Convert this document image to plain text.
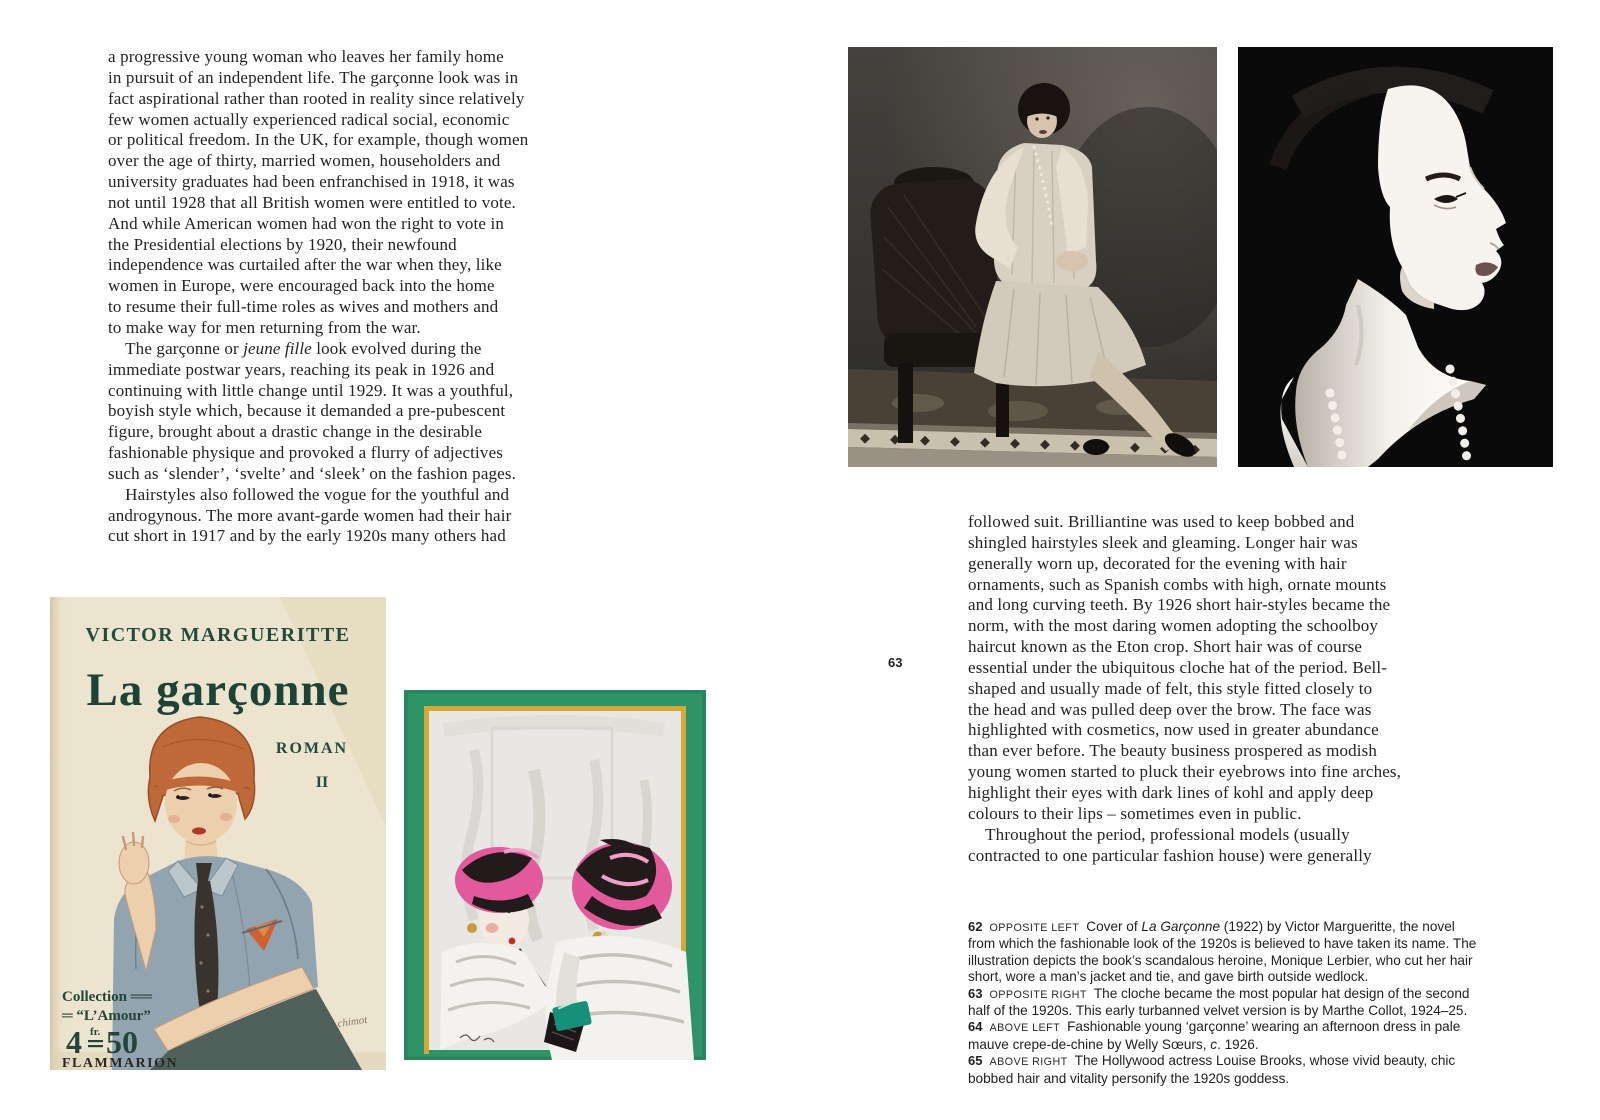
a progressive young woman who leaves her family home
in pursuit of an independent life. The garçonne look was in
fact aspirational rather than rooted in reality since relatively
few women actually experienced radical social, economic
or political freedom. In the UK, for example, though women
over the age of thirty, married women, householders and
university graduates had been enfranchised in 1918, it was
not until 1928 that all British women were entitled to vote.
And while American women had won the right to vote in
the Presidential elections by 1920, their newfound
independence was curtailed after the war when they, like
women in Europe, were encouraged back into the home
to resume their full-time roles as wives and mothers and
to make way for men returning from the war.
 The garçonne or jeune fille look evolved during the
immediate postwar years, reaching its peak in 1926 and
continuing with little change until 1929. It was a youthful,
boyish style which, because it demanded a pre-pubescent
figure, brought about a drastic change in the desirable
fashionable physique and provoked a flurry of adjectives
such as ‘slender’, ‘svelte’ and ‘sleek’ on the fashion pages.
 Hairstyles also followed the vogue for the youthful and
androgynous. The more avant-garde women had their hair
cut short in 1917 and by the early 1920s many others had
VICTOR MARGUERITTE
La garçonne
ROMAN
II
Collection ══
═ “L’Amour”
4 fr. 50
FLAMMARION
chimot
63
followed suit. Brilliantine was used to keep bobbed and
shingled hairstyles sleek and gleaming. Longer hair was
generally worn up, decorated for the evening with hair
ornaments, such as Spanish combs with high, ornate mounts
and long curving teeth. By 1926 short hair-styles became the
norm, with the most daring women adopting the schoolboy
haircut known as the Eton crop. Short hair was of course
essential under the ubiquitous cloche hat of the period. Bell-
shaped and usually made of felt, this style fitted closely to
the head and was pulled deep over the brow. The face was
highlighted with cosmetics, now used in greater abundance
than ever before. The beauty business prospered as modish
young women started to pluck their eyebrows into fine arches,
highlight their eyes with dark lines of kohl and apply deep
colours to their lips – sometimes even in public.
 Throughout the period, professional models (usually
contracted to one particular fashion house) were generally
62 OPPOSITE LEFT Cover of La Garçonne (1922) by Victor Margueritte, the novel from which the fashionable look of the 1920s is believed to have taken its name. The illustration depicts the book’s scandalous heroine, Monique Lerbier, who cut her hair short, wore a man’s jacket and tie, and gave birth outside wedlock.
63 OPPOSITE RIGHT The cloche became the most popular hat design of the second half of the 1920s. This early turbanned velvet version is by Marthe Collot, 1924–25.
64 ABOVE LEFT Fashionable young ‘garçonne’ wearing an afternoon dress in pale mauve crepe-de-chine by Welly Sœurs, c. 1926.
65 ABOVE RIGHT The Hollywood actress Louise Brooks, whose vivid beauty, chic bobbed hair and vitality personify the 1920s goddess.
